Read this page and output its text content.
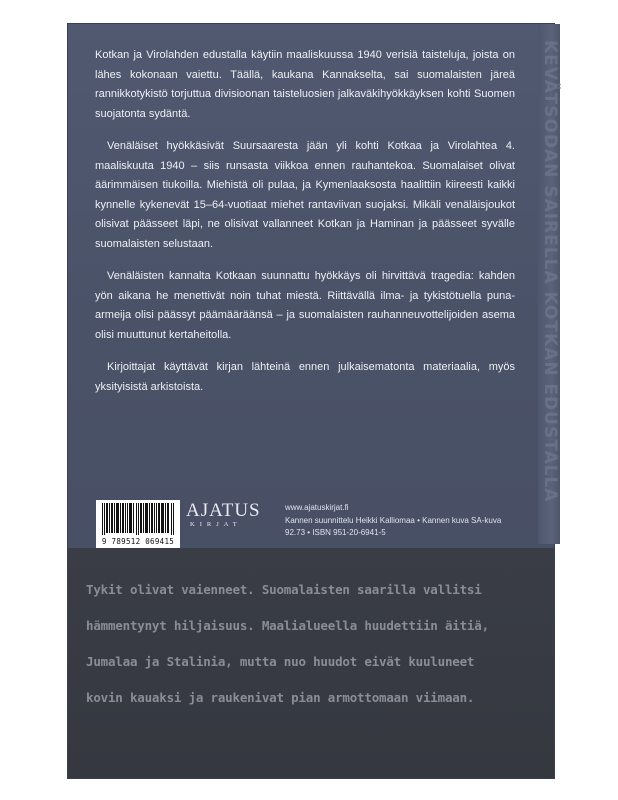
KEVÄTSODAN SAIRELLA KOTKAN EDUSTALLA

Kotkan ja Virolahden edustalla käytiin maaliskuussa 1940 verisiä taisteluja, joista on lähes kokonaan vaiettu. Täällä, kaukana Kannakselta, sai suomalaisten järeä rannikkotykistö torjuttua divisioonan taisteluosien jalkaväkihyökkäyksen kohti Suomen suojatonta sydäntä.

Venäläiset hyökkäsivät Suursaaresta jään yli kohti Kotkaa ja Virolahtea 4. maaliskuuta 1940 – siis runsasta viikkoa ennen rauhantekoa. Suomalaiset olivat äärimmäisen tiukoilla. Miehistä oli pulaa, ja Kymenlaaksosta haalittiin kiireesti kaikki kynnelle kykenevät 15–64-vuotiaat miehet rantaviivan suojaksi. Mikäli venäläisjoukot olisivat päässeet läpi, ne olisivat vallanneet Kotkan ja Haminan ja päässeet syvälle suomalaisten selustaan.

Venäläisten kannalta Kotkaan suunnattu hyökkäys oli hirvittävä tragedia: kahden yön aikana he menettivät noin tuhat miestä. Riittävällä ilma- ja tykistötuella puna-armeija olisi päässyt päämääräänsä – ja suomalaisten rauhanneuvottelijoiden asema olisi muuttunut kertaheitolla.

Kirjoittajat käyttävät kirjan lähteinä ennen julkaisematonta materiaalia, myös yksityisistä arkistoista.

9 789512 069415
AJATUS
KIRJAT
www.ajatuskirjat.fi
Kannen suunnittelu Heikki Kalliomaa • Kannen kuva SA-kuva
92.73 • ISBN 951-20-6941-5
Tykit olivat vaienneet. Suomalaisten saarilla vallitsi
hämmentynyt hiljaisuus. Maalialueella huudettiin äitiä,
Jumalaa ja Stalinia, mutta nuo huudot eivät kuuluneet
kovin kauaksi ja raukenivat pian armottomaan viimaan.
